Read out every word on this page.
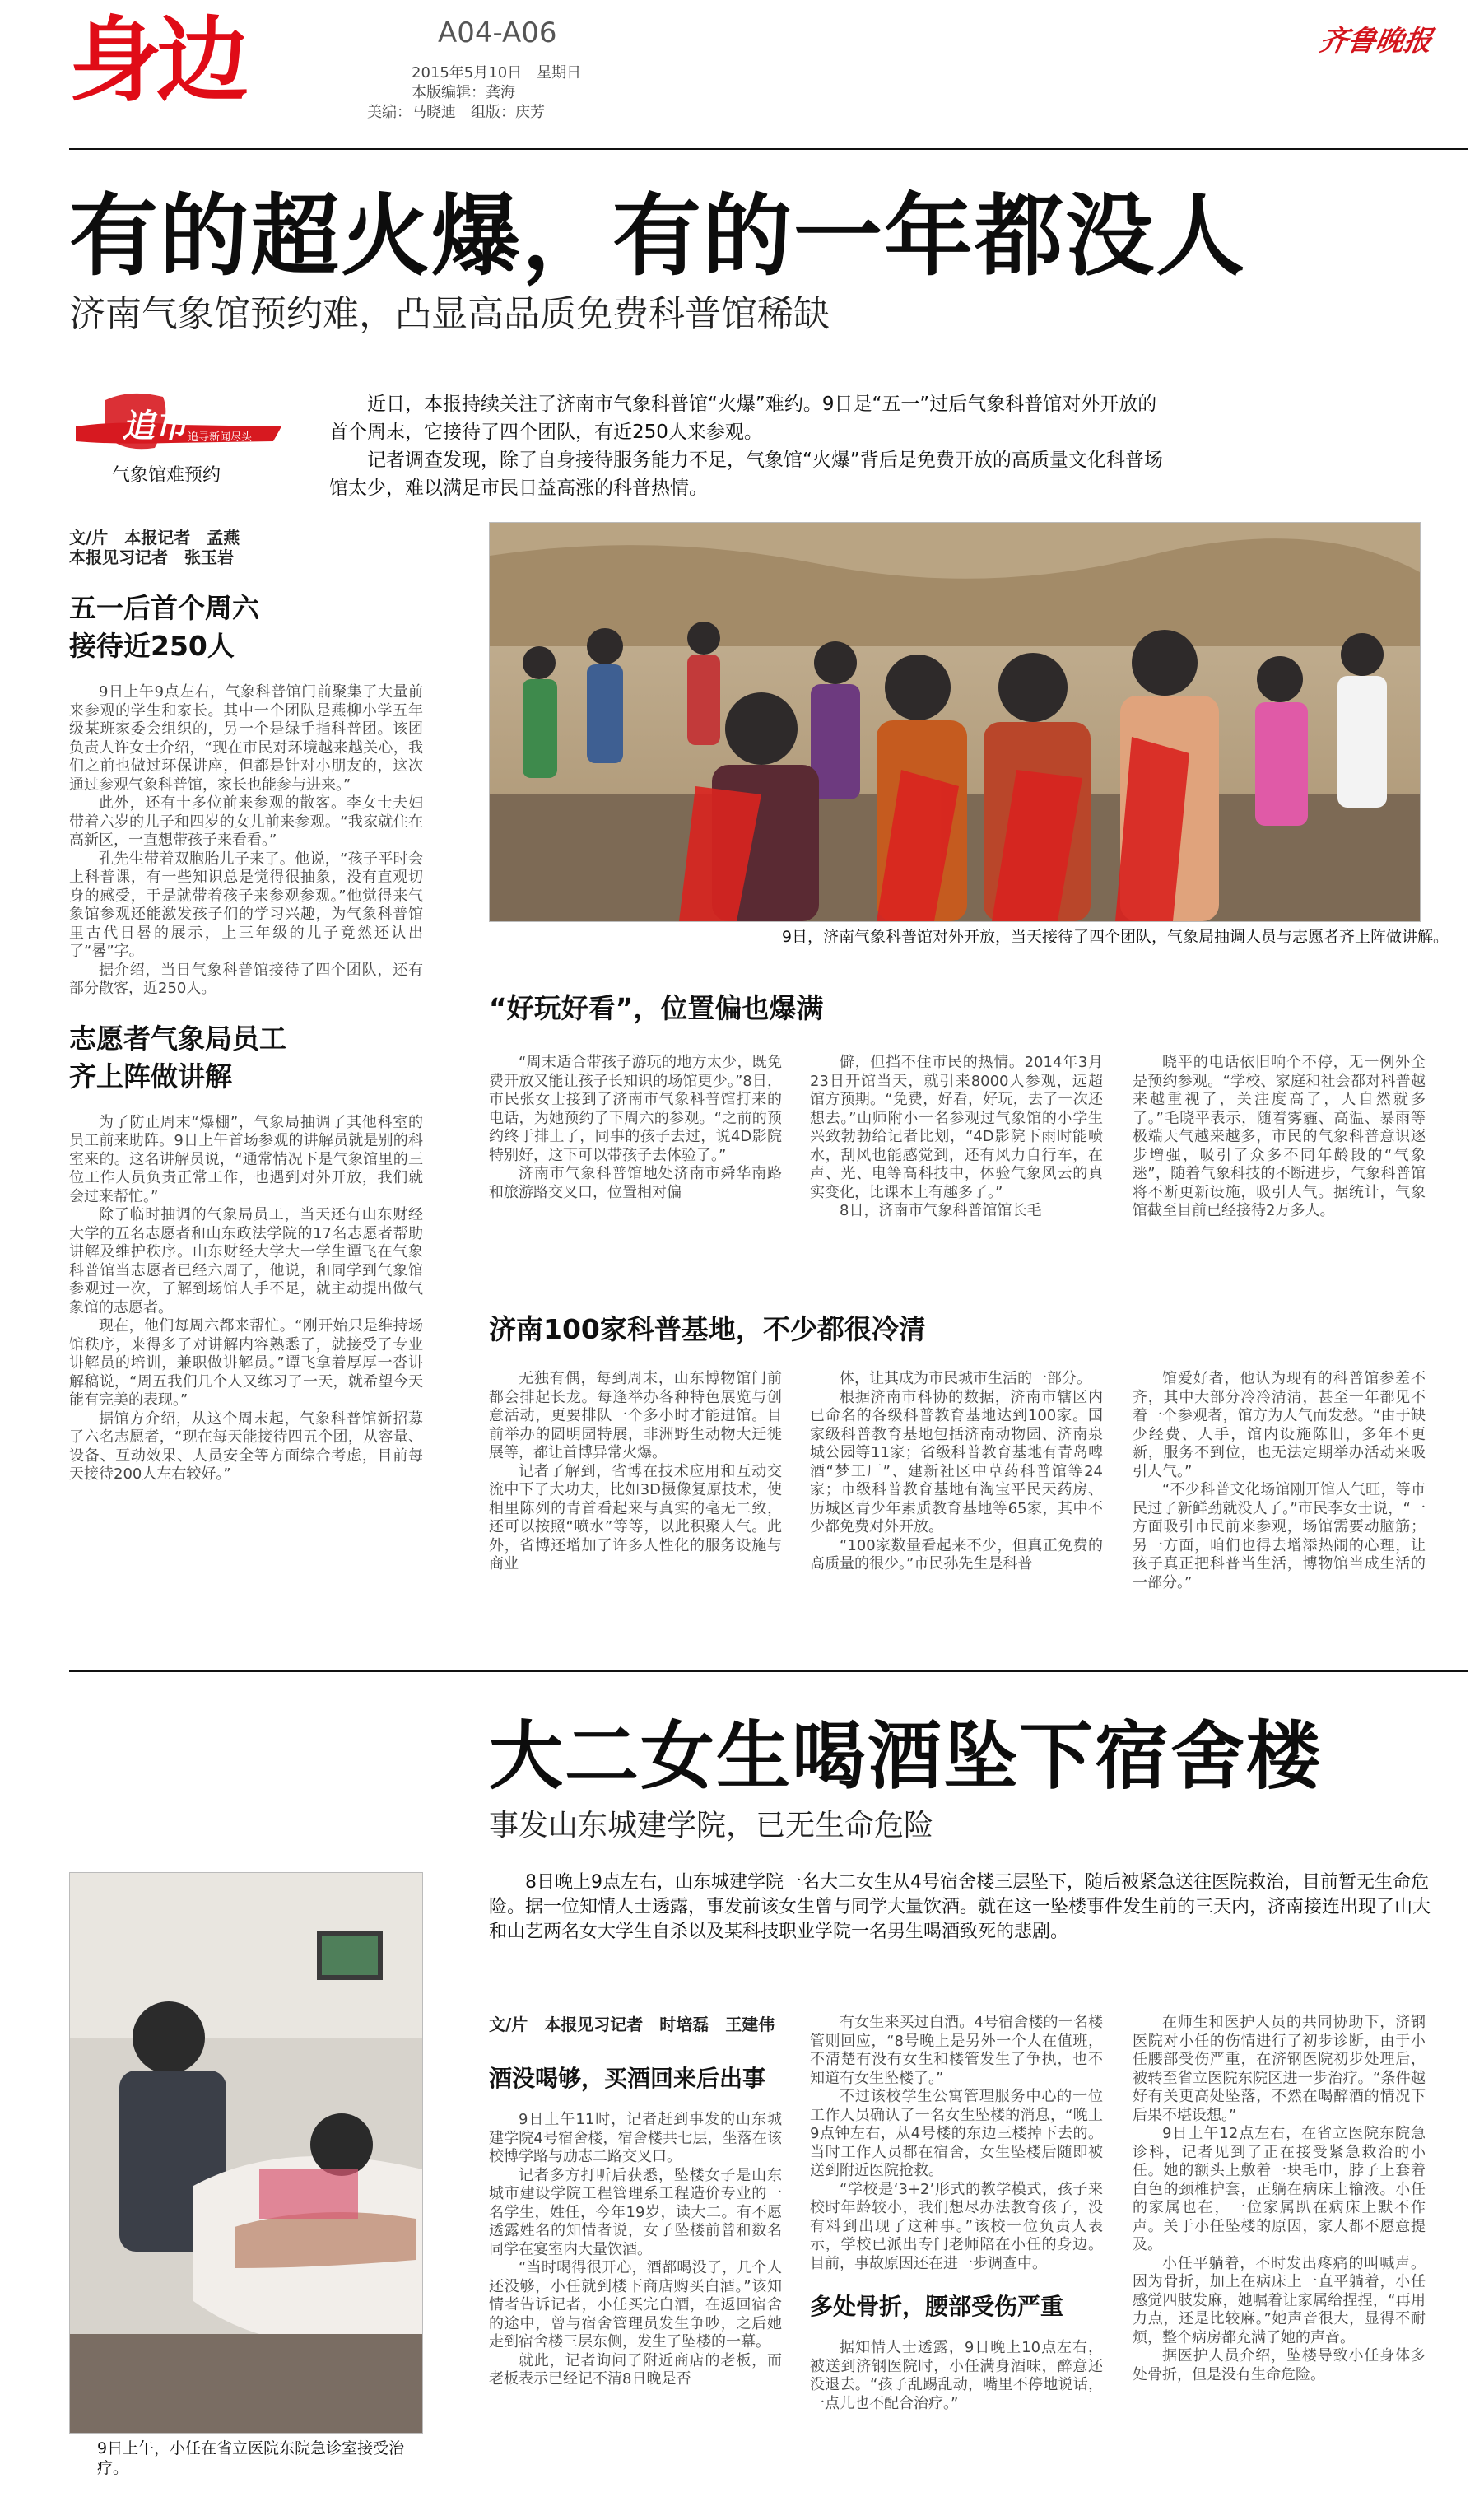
身边	A04-A06
2015年5月10日　星期日
本版编辑：龚海
美编：马晓迪　组版：庆芳
齐鲁晚报
有的超火爆，有的一年都没人
济南气象馆预约难，凸显高品质免费科普馆稀缺
追市 追寻新闻尽头
气象馆难预约

近日，本报持续关注了济南市气象科普馆“火爆”难约。9日是“五一”过后气象科普馆对外开放的首个周末，它接待了四个团队，有近250人来参观。

记者调查发现，除了自身接待服务能力不足，气象馆“火爆”背后是免费开放的高质量文化科普场馆太少，难以满足市民日益高涨的科普热情。

文/片　本报记者　孟燕
本报见习记者　张玉岩
五一后首个周六
接待近250人

9日上午9点左右，气象科普馆门前聚集了大量前来参观的学生和家长。其中一个团队是燕柳小学五年级某班家委会组织的，另一个是绿手指科普团。该团负责人许女士介绍，“现在市民对环境越来越关心，我们之前也做过环保讲座，但都是针对小朋友的，这次通过参观气象科普馆，家长也能参与进来。”

此外，还有十多位前来参观的散客。李女士夫妇带着六岁的儿子和四岁的女儿前来参观。“我家就住在高新区，一直想带孩子来看看。”

孔先生带着双胞胎儿子来了。他说，“孩子平时会上科普课，有一些知识总是觉得很抽象，没有直观切身的感受，于是就带着孩子来参观参观。”他觉得来气象馆参观还能激发孩子们的学习兴趣，为气象科普馆里古代日晷的展示，上三年级的儿子竟然还认出了“晷”字。

据介绍，当日气象科普馆接待了四个团队，还有部分散客，近250人。

志愿者气象局员工
齐上阵做讲解

为了防止周末“爆棚”，气象局抽调了其他科室的员工前来助阵。9日上午首场参观的讲解员就是别的科室来的。这名讲解员说，“通常情况下是气象馆里的三位工作人员负责正常工作，也遇到对外开放，我们就会过来帮忙。”

除了临时抽调的气象局员工，当天还有山东财经大学的五名志愿者和山东政法学院的17名志愿者帮助讲解及维护秩序。山东财经大学大一学生谭飞在气象科普馆当志愿者已经六周了，他说，和同学到气象馆参观过一次，了解到场馆人手不足，就主动提出做气象馆的志愿者。

现在，他们每周六都来帮忙。“刚开始只是维持场馆秩序，来得多了对讲解内容熟悉了，就接受了专业讲解员的培训，兼职做讲解员。”谭飞拿着厚厚一沓讲解稿说，“周五我们几个人又练习了一天，就希望今天能有完美的表现。”

据馆方介绍，从这个周末起，气象科普馆新招募了六名志愿者，“现在每天能接待四五个团，从容量、设备、互动效果、人员安全等方面综合考虑，目前每天接待200人左右较好。”

9日，济南气象科普馆对外开放，当天接待了四个团队，气象局抽调人员与志愿者齐上阵做讲解。
“好玩好看”，位置偏也爆满

“周末适合带孩子游玩的地方太少，既免费开放又能让孩子长知识的场馆更少。”8日，市民张女士接到了济南市气象科普馆打来的电话，为她预约了下周六的参观。“之前的预约终于排上了，同事的孩子去过，说4D影院特别好，这下可以带孩子去体验了。”

济南市气象科普馆地处济南市舜华南路和旅游路交叉口，位置相对偏

僻，但挡不住市民的热情。2014年3月23日开馆当天，就引来8000人参观，远超馆方预期。“免费，好看，好玩，去了一次还想去。”山师附小一名参观过气象馆的小学生兴致勃勃给记者比划，“4D影院下雨时能喷水，刮风也能感觉到，还有风力自行车，在声、光、电等高科技中，体验气象风云的真实变化，比课本上有趣多了。”

8日，济南市气象科普馆馆长毛

晓平的电话依旧响个不停，无一例外全是预约参观。“学校、家庭和社会都对科普越来越重视了，关注度高了，人自然就多了。”毛晓平表示，随着雾霾、高温、暴雨等极端天气越来越多，市民的气象科普意识逐步增强，吸引了众多不同年龄段的“气象迷”，随着气象科技的不断进步，气象科普馆将不断更新设施，吸引人气。据统计，气象馆截至目前已经接待2万多人。

济南100家科普基地，不少都很冷清

无独有偶，每到周末，山东博物馆门前都会排起长龙。每逢举办各种特色展览与创意活动，更要排队一个多小时才能进馆。目前举办的圆明园特展，非洲野生动物大迁徙展等，都让首博异常火爆。

记者了解到，省博在技术应用和互动交流中下了大功夫，比如3D摄像复原技术，使相里陈列的青首看起来与真实的毫无二致，还可以按照“喷水”等等，以此积聚人气。此外，省博还增加了许多人性化的服务设施与商业

体，让其成为市民城市生活的一部分。

根据济南市科协的数据，济南市辖区内已命名的各级科普教育基地达到100家。国家级科普教育基地包括济南动物园、济南泉城公园等11家；省级科普教育基地有青岛啤酒“梦工厂”、建新社区中草药科普馆等24家；市级科普教育基地有淘宝平民天药房、历城区青少年素质教育基地等65家，其中不少都免费对外开放。

“100家数量看起来不少，但真正免费的高质量的很少。”市民孙先生是科普

馆爱好者，他认为现有的科普馆参差不齐，其中大部分冷冷清清，甚至一年都见不着一个参观者，馆方为人气而发愁。“由于缺少经费、人手，馆内设施陈旧，多年不更新，服务不到位，也无法定期举办活动来吸引人气。”

“不少科普文化场馆刚开馆人气旺，等市民过了新鲜劲就没人了。”市民李女士说，“一方面吸引市民前来参观，场馆需要动脑筋；另一方面，咱们也得去增添热闹的心理，让孩子真正把科普当生活，博物馆当成生活的一部分。”

大二女生喝酒坠下宿舍楼
事发山东城建学院，已无生命危险

8日晚上9点左右，山东城建学院一名大二女生从4号宿舍楼三层坠下，随后被紧急送往医院救治，目前暂无生命危险。据一位知情人士透露，事发前该女生曾与同学大量饮酒。就在这一坠楼事件发生前的三天内，济南接连出现了山大和山艺两名女大学生自杀以及某科技职业学院一名男生喝酒致死的悲剧。

9日上午，小任在省立医院东院急诊室接受治疗。
文/片　本报见习记者　时培磊　王建伟
酒没喝够，买酒回来后出事

9日上午11时，记者赶到事发的山东城建学院4号宿舍楼，宿舍楼共七层，坐落在该校博学路与励志二路交叉口。

记者多方打听后获悉，坠楼女子是山东城市建设学院工程管理系工程造价专业的一名学生，姓任，今年19岁，读大二。有不愿透露姓名的知情者说，女子坠楼前曾和数名同学在宴室内大量饮酒。

“当时喝得很开心，酒都喝没了，几个人还没够，小任就到楼下商店购买白酒。”该知情者告诉记者，小任买完白酒，在返回宿舍的途中，曾与宿舍管理员发生争吵，之后她走到宿舍楼三层东侧，发生了坠楼的一幕。

就此，记者询问了附近商店的老板，而老板表示已经记不清8日晚是否

有女生来买过白酒。4号宿舍楼的一名楼管则回应，“8号晚上是另外一个人在值班，不清楚有没有女生和楼管发生了争执，也不知道有女生坠楼了。”

不过该校学生公寓管理服务中心的一位工作人员确认了一名女生坠楼的消息，“晚上9点钟左右，从4号楼的东边三楼掉下去的。当时工作人员都在宿舍，女生坠楼后随即被送到附近医院抢救。

“学校是‘3+2’形式的教学模式，孩子来校时年龄较小，我们想尽办法教育孩子，没有料到出现了这种事。”该校一位负责人表示，学校已派出专门老师陪在小任的身边。目前，事故原因还在进一步调查中。

多处骨折，腰部受伤严重

据知情人士透露，9日晚上10点左右，被送到济钢医院时，小任满身酒味，醉意还没退去。“孩子乱踢乱动，嘴里不停地说话，一点儿也不配合治疗。”

在师生和医护人员的共同协助下，济钢医院对小任的伤情进行了初步诊断，由于小任腰部受伤严重，在济钢医院初步处理后，被转至省立医院东院区进一步治疗。“条件越好有关更高处坠落，不然在喝醉酒的情况下后果不堪设想。”

9日上午12点左右，在省立医院东院急诊科，记者见到了正在接受紧急救治的小任。她的额头上敷着一块毛巾，脖子上套着白色的颈椎护套，正躺在病床上输液。小任的家属也在，一位家属趴在病床上默不作声。关于小任坠楼的原因，家人都不愿意提及。

小任平躺着，不时发出疼痛的叫喊声。因为骨折，加上在病床上一直平躺着，小任感觉四肢发麻，她嘱着让家属给捏捏，“再用力点，还是比较麻。”她声音很大，显得不耐烦，整个病房都充满了她的声音。

据医护人员介绍，坠楼导致小任身体多处骨折，但是没有生命危险。
